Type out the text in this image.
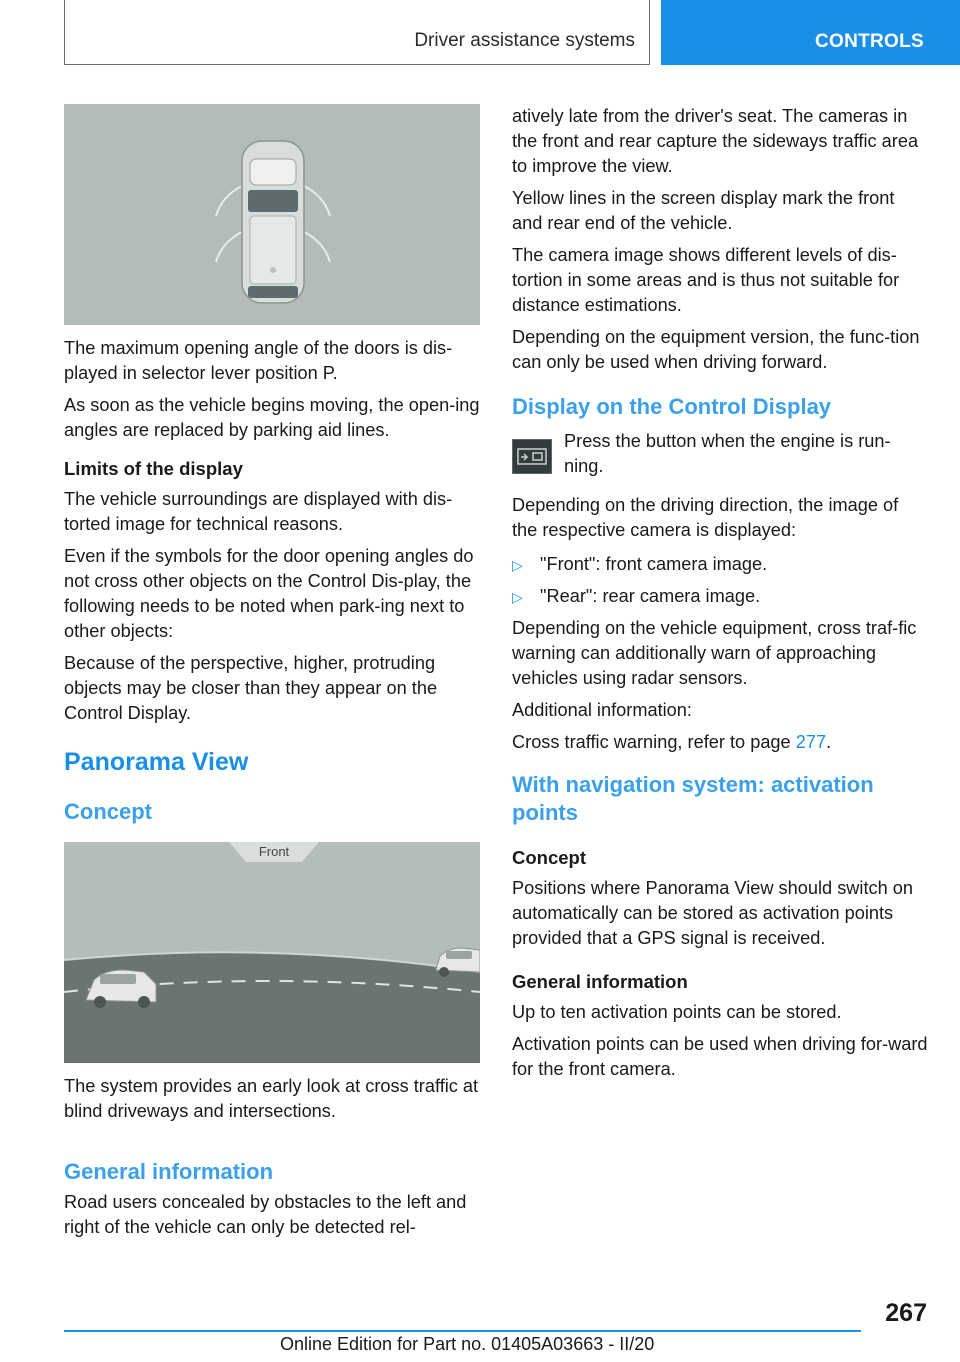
Driver assistance systems	CONTROLS

The maximum opening angle of the doors is dis-played in selector lever position P.

As soon as the vehicle begins moving, the open-ing angles are replaced by parking aid lines.

Limits of the display

The vehicle surroundings are displayed with dis-torted image for technical reasons.

Even if the symbols for the door opening angles do not cross other objects on the Control Dis-play, the following needs to be noted when park-ing next to other objects:

Because of the perspective, higher, protruding objects may be closer than they appear on the Control Display.

Panorama View
Concept
Front

The system provides an early look at cross traffic at blind driveways and intersections.

General information

Road users concealed by obstacles to the left and right of the vehicle can only be detected rel-

atively late from the driver's seat. The cameras in the front and rear capture the sideways traffic area to improve the view.

Yellow lines in the screen display mark the front and rear end of the vehicle.

The camera image shows different levels of dis-tortion in some areas and is thus not suitable for distance estimations.

Depending on the equipment version, the func-tion can only be used when driving forward.

Display on the Control Display

Press the button when the engine is run-ning.

Depending on the driving direction, the image of the respective camera is displayed:

▷ "Front": front camera image.
▷ "Rear": rear camera image.

Depending on the vehicle equipment, cross traf-fic warning can additionally warn of approaching vehicles using radar sensors.

Additional information:

Cross traffic warning, refer to page 277.

With navigation system: activation points
Concept

Positions where Panorama View should switch on automatically can be stored as activation points provided that a GPS signal is received.

General information

Up to ten activation points can be stored.

Activation points can be used when driving for-ward for the front camera.

267
Online Edition for Part no. 01405A03663 - II/20
